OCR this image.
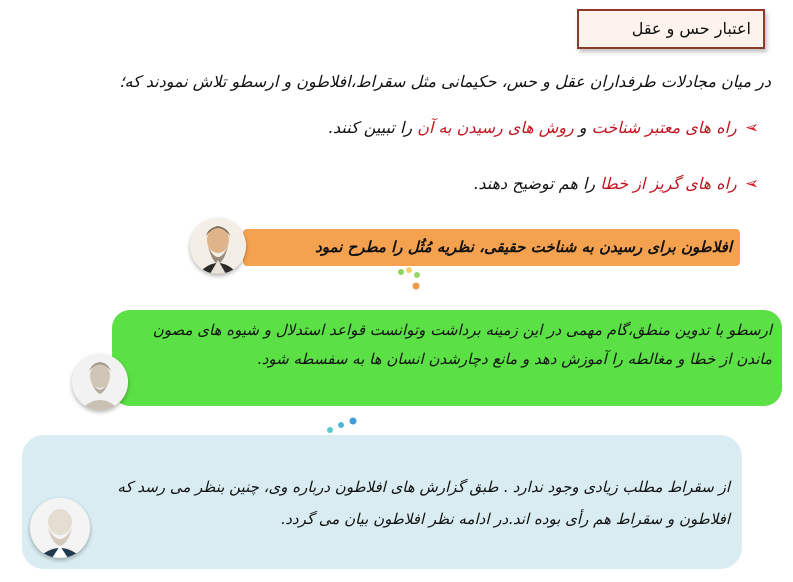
اعتبار حس و عقل
در میان مجادلات طرفداران عقل و حس، حکیمانی مثل سقراط،افلاطون و ارسطو تلاش نمودند که؛
➢راه های معتبر شناخت و روش های رسیدن به آن را تبیین کنند.
➢راه های گریز از خطا را هم توضیح دهند.
افلاطون برای رسیدن به شناخت حقیقی، نظریه مُثُل را مطرح نمود
ارسطو با تدوین منطق،گام مهمی در این زمینه برداشت وتوانست قواعد استدلال و شیوه های مصون ماندن از خطا و مغالطه را آموزش دهد و مانع دچارشدن انسان ها به سفسطه شود.
از سقراط مطلب زیادی وجود ندارد . طبق گزارش های افلاطون درباره وی، چنین بنظر می رسد که افلاطون و سقراط هم رأی بوده اند.در ادامه نظر افلاطون بیان می گردد.
